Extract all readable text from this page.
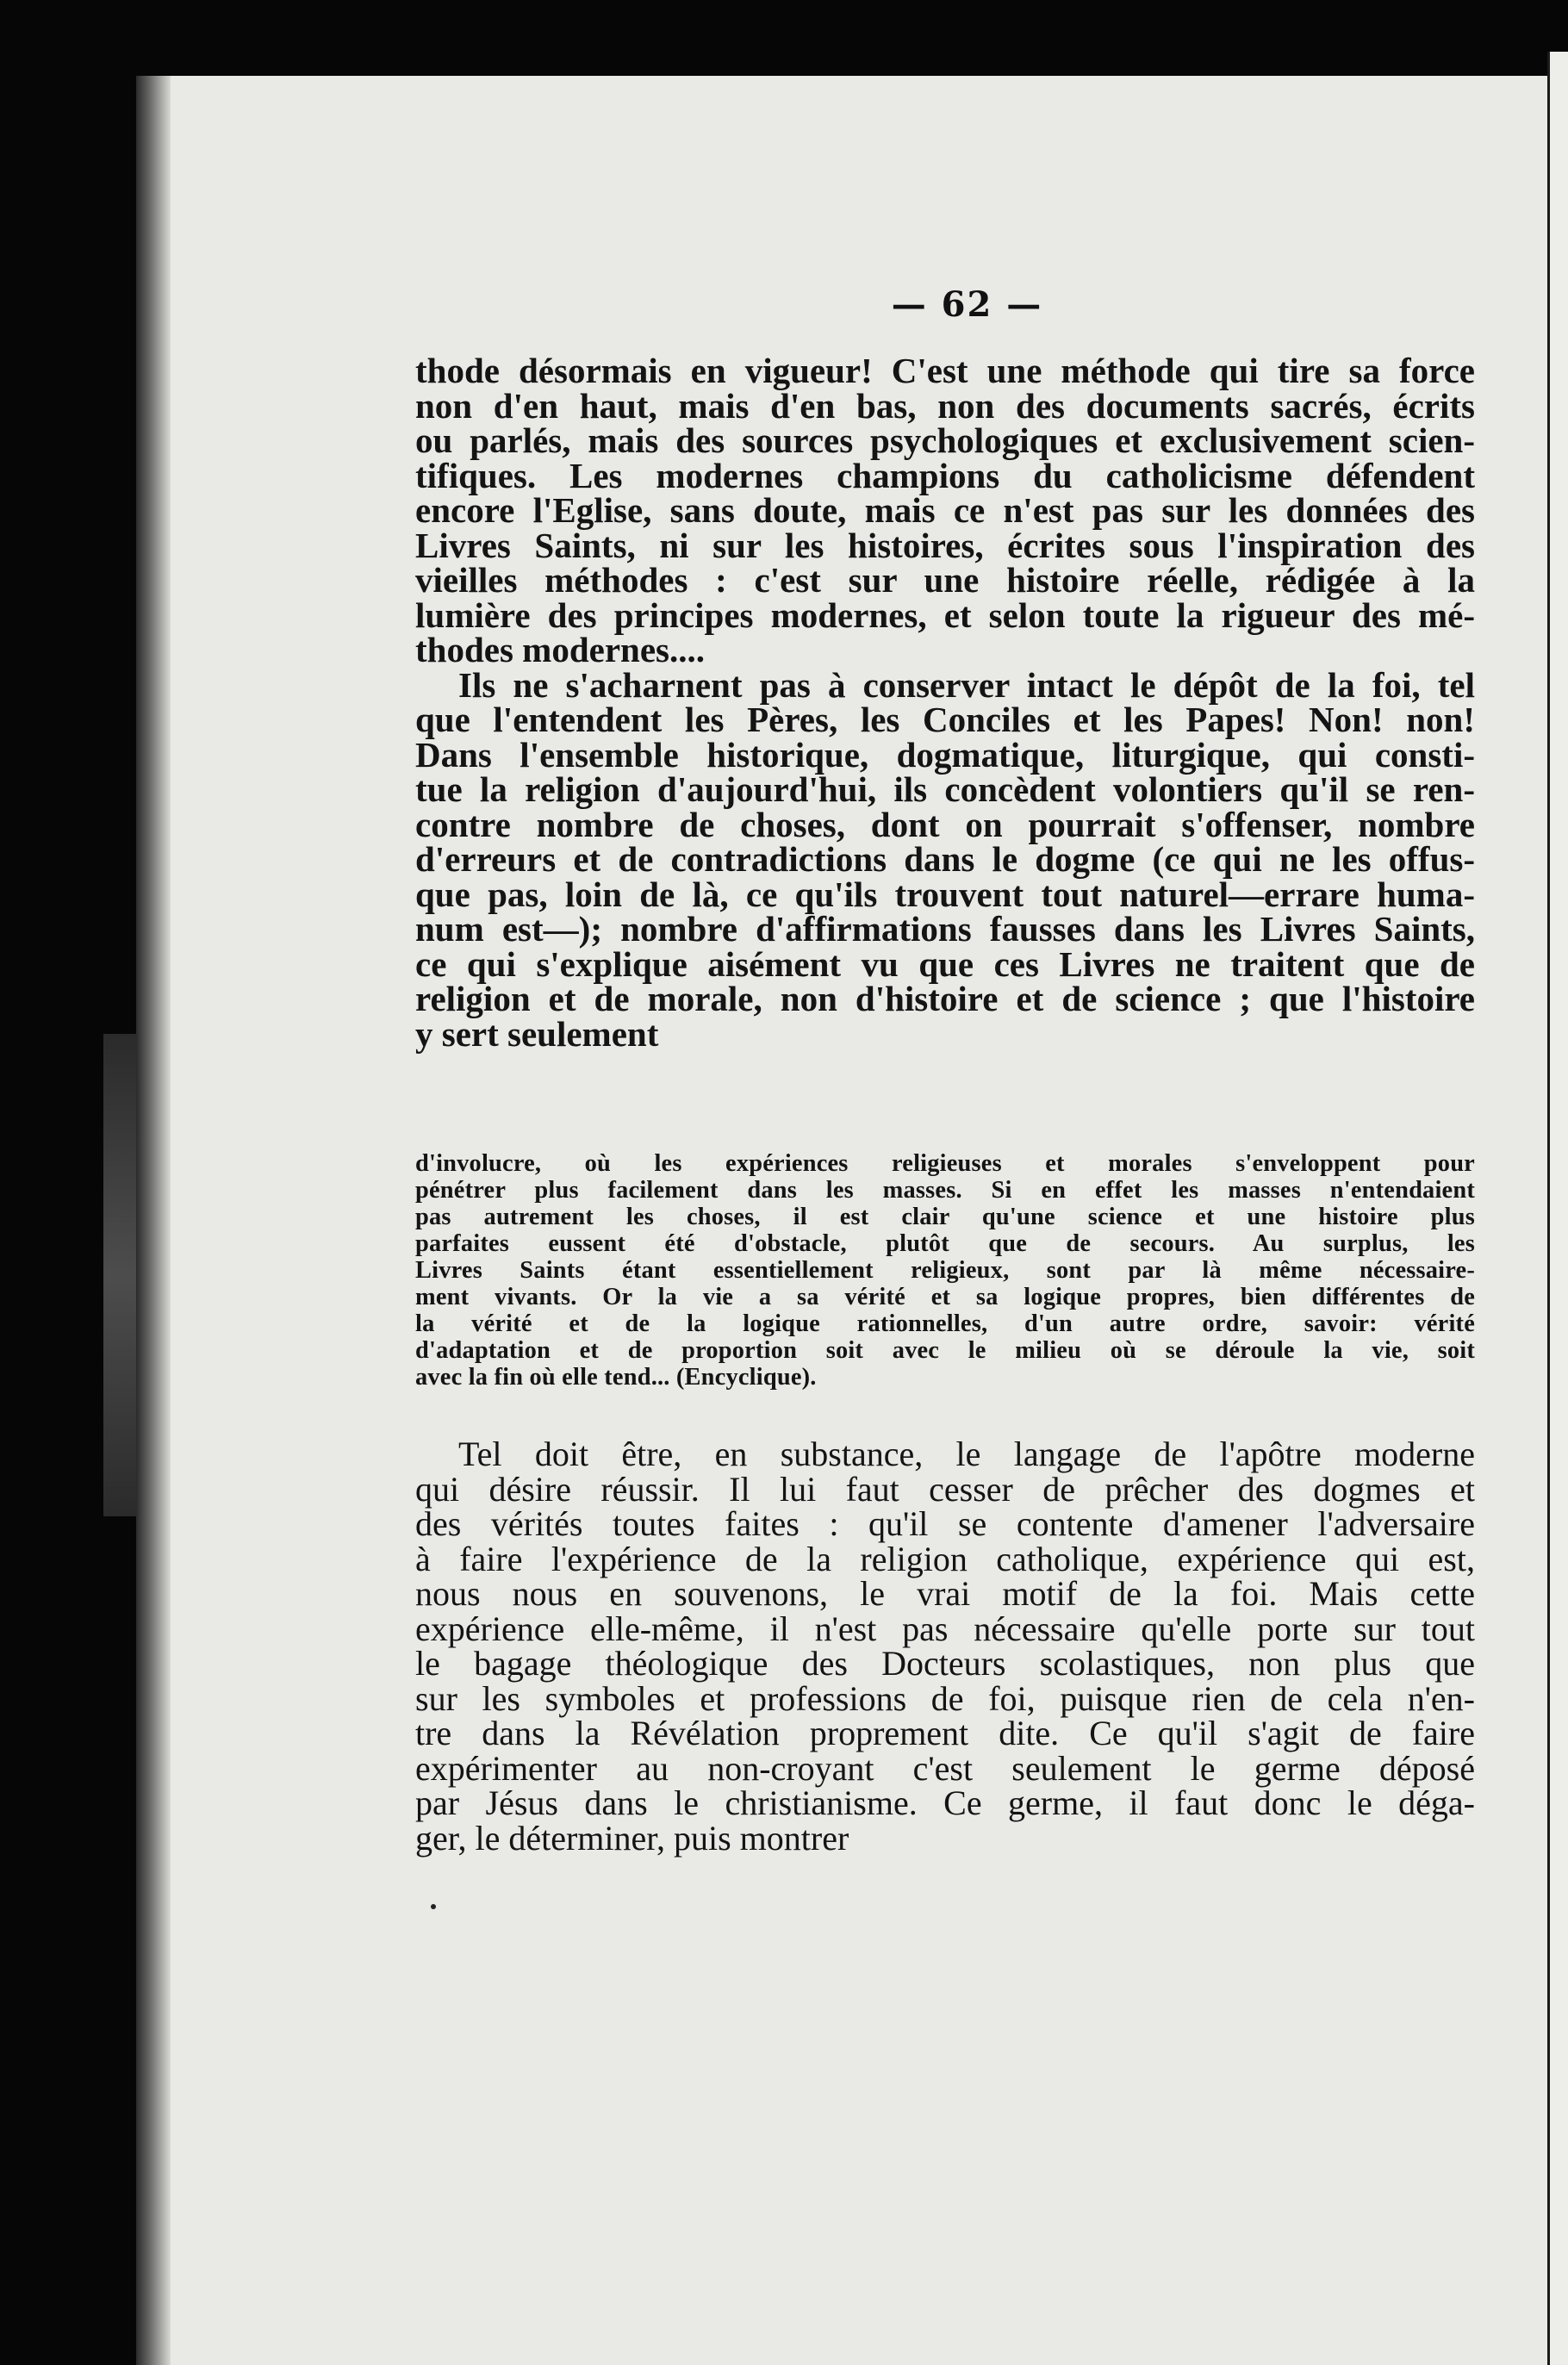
— 62 —
thode désormais en vigueur! C'est une méthode qui tire sa force
non d'en haut, mais d'en bas, non des documents sacrés, écrits
ou parlés, mais des sources psychologiques et exclusivement scien-
tifiques. Les modernes champions du catholicisme défendent
encore l'Eglise, sans doute, mais ce n'est pas sur les données des
Livres Saints, ni sur les histoires, écrites sous l'inspiration des
vieilles méthodes : c'est sur une histoire réelle, rédigée à la
lumière des principes modernes, et selon toute la rigueur des mé-
thodes modernes....
Ils ne s'acharnent pas à conserver intact le dépôt de la foi, tel
que l'entendent les Pères, les Conciles et les Papes! Non! non!
Dans l'ensemble historique, dogmatique, liturgique, qui consti-
tue la religion d'aujourd'hui, ils concèdent volontiers qu'il se ren-
contre nombre de choses, dont on pourrait s'offenser, nombre
d'erreurs et de contradictions dans le dogme (ce qui ne les offus-
que pas, loin de là, ce qu'ils trouvent tout naturel—errare huma-
num est—); nombre d'affirmations fausses dans les Livres Saints,
ce qui s'explique aisément vu que ces Livres ne traitent que de
religion et de morale, non d'histoire et de science ; que l'histoire
y sert seulement
d'involucre, où les expériences religieuses et morales s'enveloppent pour
pénétrer plus facilement dans les masses. Si en effet les masses n'entendaient
pas autrement les choses, il est clair qu'une science et une histoire plus
parfaites eussent été d'obstacle, plutôt que de secours. Au surplus, les
Livres Saints étant essentiellement religieux, sont par là même nécessaire-
ment vivants. Or la vie a sa vérité et sa logique propres, bien différentes de
la vérité et de la logique rationnelles, d'un autre ordre, savoir: vérité
d'adaptation et de proportion soit avec le milieu où se déroule la vie, soit
avec la fin où elle tend... (Encyclique).
Tel doit être, en substance, le langage de l'apôtre moderne
qui désire réussir. Il lui faut cesser de prêcher des dogmes et
des vérités toutes faites : qu'il se contente d'amener l'adversaire
à faire l'expérience de la religion catholique, expérience qui est,
nous nous en souvenons, le vrai motif de la foi. Mais cette
expérience elle-même, il n'est pas nécessaire qu'elle porte sur tout
le bagage théologique des Docteurs scolastiques, non plus que
sur les symboles et professions de foi, puisque rien de cela n'en-
tre dans la Révélation proprement dite. Ce qu'il s'agit de faire
expérimenter au non-croyant c'est seulement le germe déposé
par Jésus dans le christianisme. Ce germe, il faut donc le déga-
ger, le déterminer, puis montrer
